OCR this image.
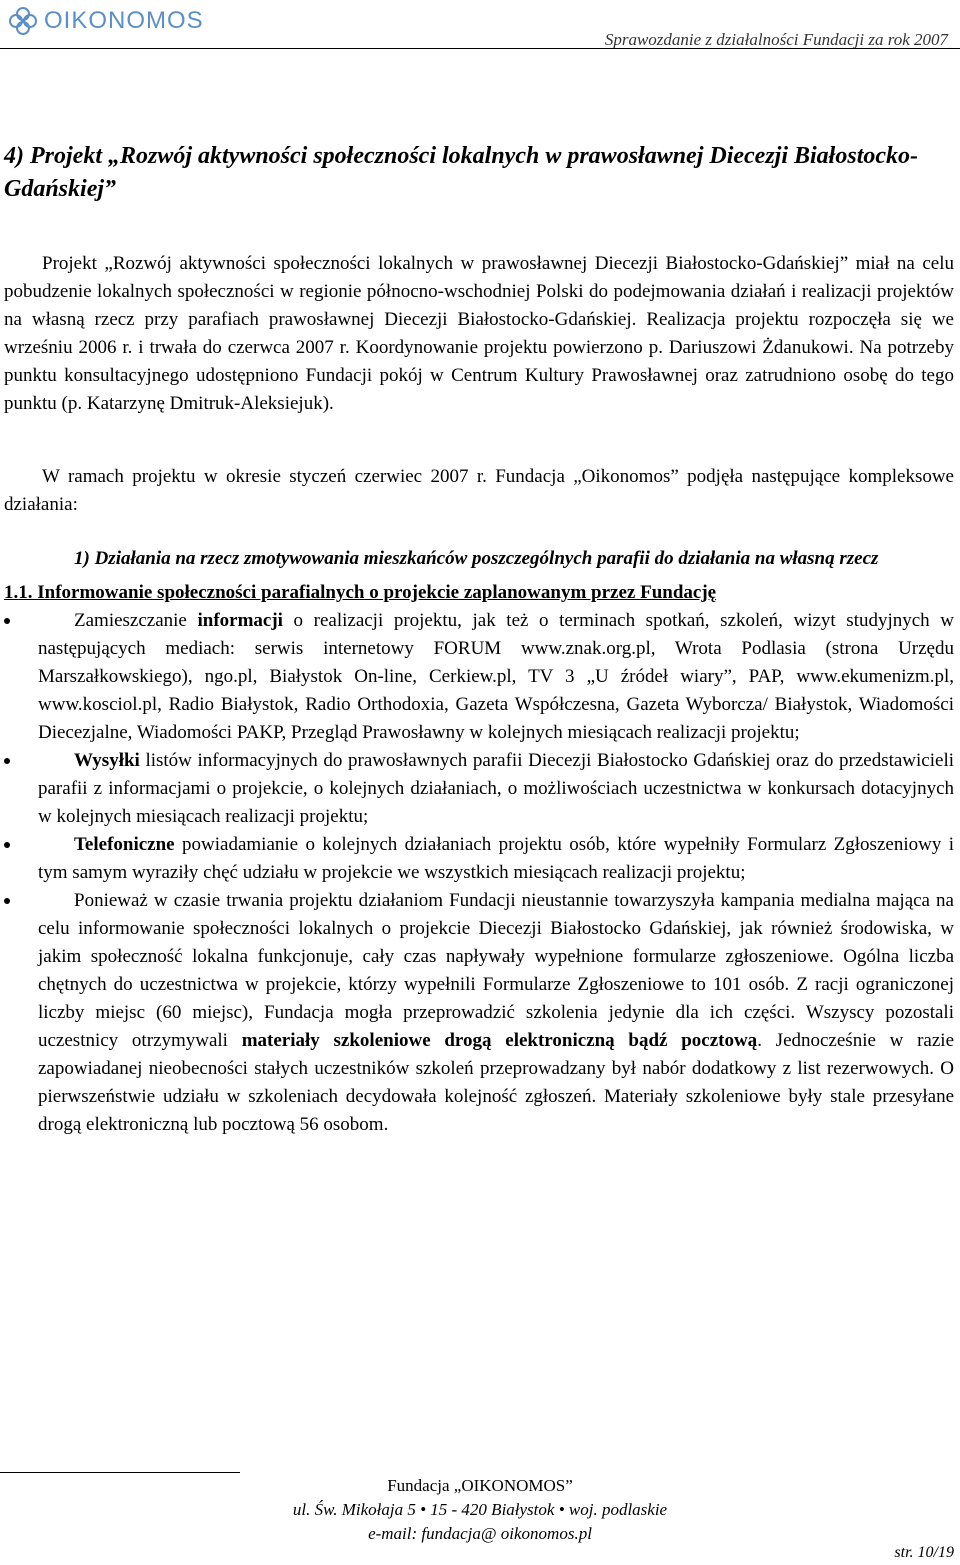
OIKONOMOS
Sprawozdanie z działalności Fundacji za rok 2007
4) Projekt „Rozwój aktywności społeczności lokalnych w prawosławnej Diecezji Białostocko-Gdańskiej”

Projekt „Rozwój aktywności społeczności lokalnych w prawosławnej Diecezji Białostocko-Gdańskiej” miał na celu pobudzenie lokalnych społeczności w regionie północno-wschodniej Polski do podejmowania działań i realizacji projektów na własną rzecz przy parafiach prawosławnej Diecezji Białostocko-Gdańskiej. Realizacja projektu rozpoczęła się we wrześniu 2006 r. i trwała do czerwca 2007 r. Koordynowanie projektu powierzono p. Dariuszowi Żdanukowi. Na potrzeby punktu konsultacyjnego udostępniono Fundacji pokój w Centrum Kultury Prawosławnej oraz zatrudniono osobę do tego punktu (p. Katarzynę Dmitruk-Aleksiejuk).

W ramach projektu w okresie styczeń czerwiec 2007 r. Fundacja „Oikonomos” podjęła następujące kompleksowe działania:

1) Działania na rzecz zmotywowania mieszkańców poszczególnych parafii do działania na własną rzecz

1.1. Informowanie społeczności parafialnych o projekcie zaplanowanym przez Fundację

Zamieszczanie informacji o realizacji projektu, jak też o terminach spotkań, szkoleń, wizyt studyjnych w następujących mediach: serwis internetowy FORUM www.znak.org.pl, Wrota Podlasia (strona Urzędu Marszałkowskiego), ngo.pl, Białystok On-line, Cerkiew.pl, TV 3 „U źródeł wiary”, PAP, www.ekumenizm.pl, www.kosciol.pl, Radio Białystok, Radio Orthodoxia, Gazeta Współczesna, Gazeta Wyborcza/ Białystok, Wiadomości Diecezjalne, Wiadomości PAKP, Przegląd Prawosławny w kolejnych miesiącach realizacji projektu;
Wysyłki listów informacyjnych do prawosławnych parafii Diecezji Białostocko Gdańskiej oraz do przedstawicieli parafii z informacjami o projekcie, o kolejnych działaniach, o możliwościach uczestnictwa w konkursach dotacyjnych w kolejnych miesiącach realizacji projektu;
Telefoniczne powiadamianie o kolejnych działaniach projektu osób, które wypełniły Formularz Zgłoszeniowy i tym samym wyraziły chęć udziału w projekcie we wszystkich miesiącach realizacji projektu;
Ponieważ w czasie trwania projektu działaniom Fundacji nieustannie towarzyszyła kampania medialna mająca na celu informowanie społeczności lokalnych o projekcie Diecezji Białostocko Gdańskiej, jak również środowiska, w jakim społeczność lokalna funkcjonuje, cały czas napływały wypełnione formularze zgłoszeniowe. Ogólna liczba chętnych do uczestnictwa w projekcie, którzy wypełnili Formularze Zgłoszeniowe to 101 osób. Z racji ograniczonej liczby miejsc (60 miejsc), Fundacja mogła przeprowadzić szkolenia jedynie dla ich części. Wszyscy pozostali uczestnicy otrzymywali materiały szkoleniowe drogą elektroniczną bądź pocztową. Jednocześnie w razie zapowiadanej nieobecności stałych uczestników szkoleń przeprowadzany był nabór dodatkowy z list rezerwowych. O pierwszeństwie udziału w szkoleniach decydowała kolejność zgłoszeń. Materiały szkoleniowe były stale przesyłane drogą elektroniczną lub pocztową 56 osobom.
Fundacja „OIKONOMOS”
ul. Św. Mikołaja 5 • 15 - 420 Białystok • woj. podlaskie
e-mail: fundacja@ oikonomos.pl
str. 10/19
